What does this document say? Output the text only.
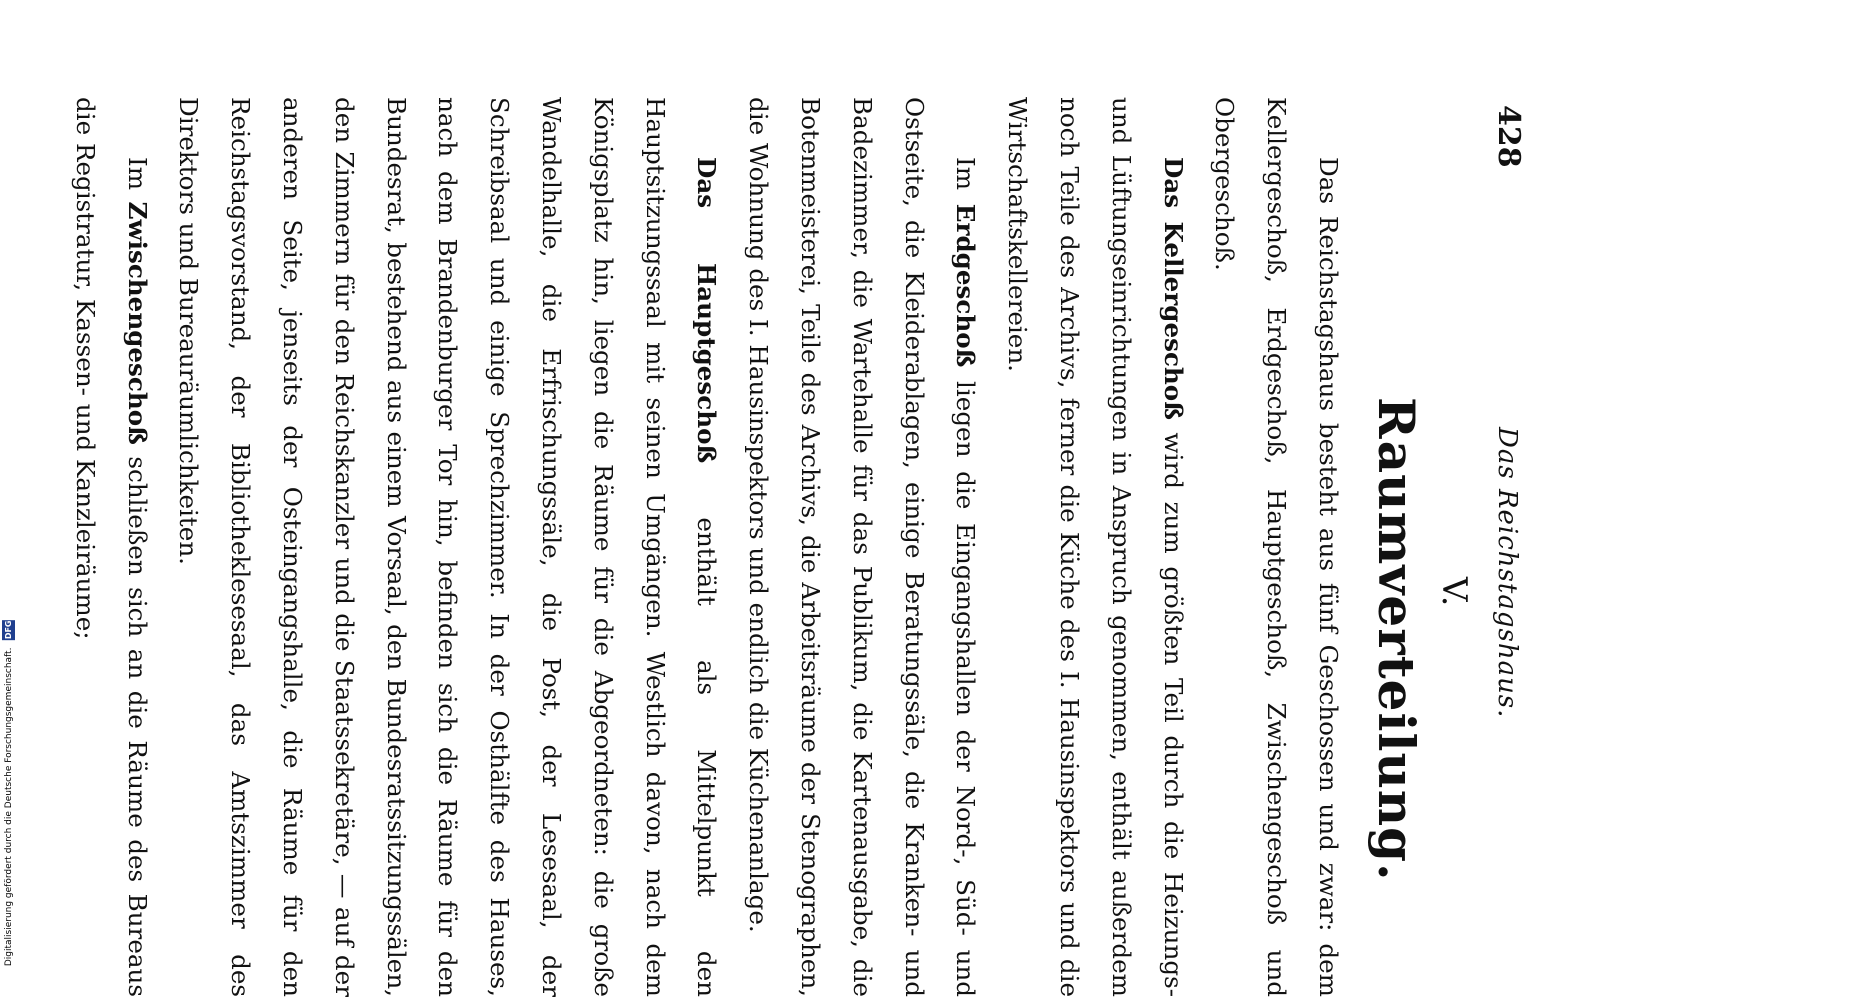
428
Das Reichstagshaus.
V.
Raumverteilung.

Das Reichstagshaus besteht aus fünf Geschossen und zwar: dem Kellergeschoß, Erdgeschoß, Hauptgeschoß, Zwischengeschoß und Obergeschoß.

Das Kellergeschoß wird zum größten Teil durch die Heizungs- und Lüftungseinrichtungen in Anspruch genommen, enthält außerdem noch Teile des Archivs, ferner die Küche des I. Hausinspektors und die Wirtschaftskellereien.

Im Erdgeschoß liegen die Eingangshallen der Nord-, Süd- und Ostseite, die Kleiderablagen, einige Beratungssäle, die Kranken- und Badezimmer, die Wartehalle für das Publikum, die Kartenausgabe, die Botenmeisterei, Teile des Archivs, die Arbeitsräume der Stenographen, die Wohnung des I. Hausinspektors und endlich die Küchenanlage.

Das Hauptgeschoß enthält als Mittelpunkt den Hauptsitzungssaal mit seinen Umgängen. Westlich davon, nach dem Königsplatz hin, liegen die Räume für die Abgeordneten: die große Wandelhalle, die Erfrischungssäle, die Post, der Lesesaal, der Schreibsaal und einige Sprechzimmer. In der Osthälfte des Hauses, nach dem Brandenburger Tor hin, befinden sich die Räume für den Bundesrat, bestehend aus einem Vorsaal, den Bundesratssitzungssälen, den Zimmern für den Reichskanzler und die Staatssekretäre, — auf der anderen Seite, jenseits der Osteingangshalle, die Räume für den Reichstagsvorstand, der Bibliotheklesesaal, das Amtszimmer des Direktors und Bureauräumlichkeiten.

Im Zwischengeschoß schließen sich an die Räume des Bureaus die Registratur, Kassen- und Kanzleiräume;

Digitalisierung gefördert durch die Deutsche Forschungsgemeinschaft. DFG
